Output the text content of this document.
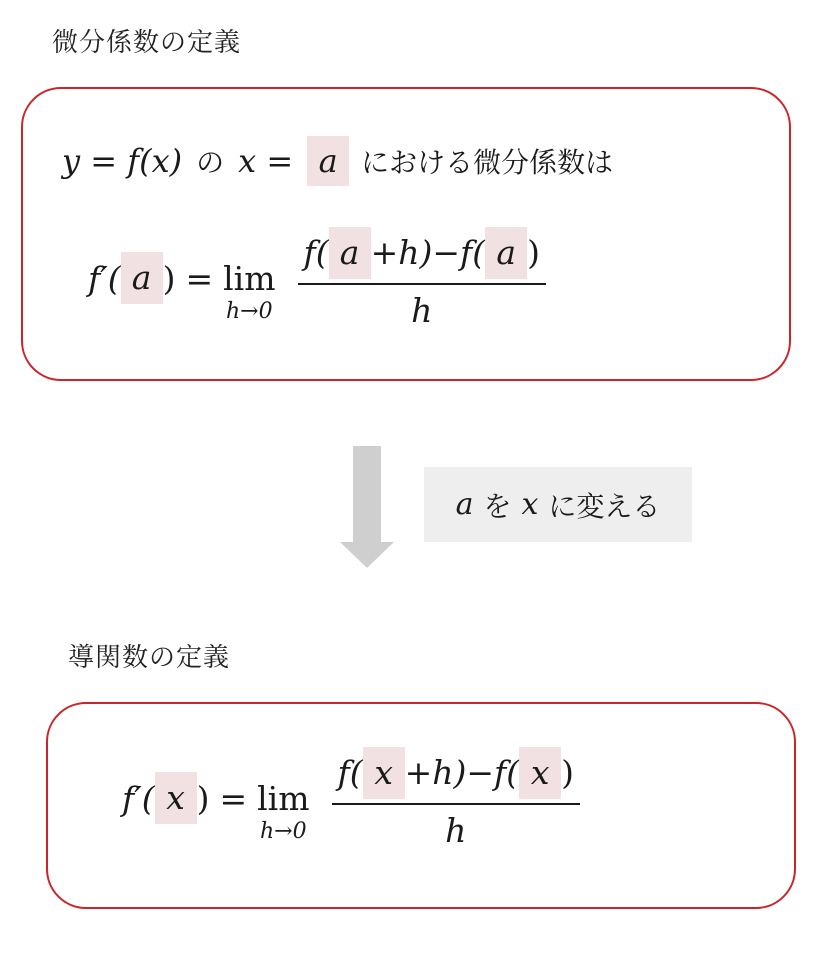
微分係数の定義
y = f(x) の x = a における微分係数は
f′( a ) = lim
$h\to 0 \frac{f( a +h)-f( a )}{h}$
a を x に変える
導関数の定義
f′( x ) = lim
$h\to 0 \frac{f( x +h)-f( x )}{h}$
